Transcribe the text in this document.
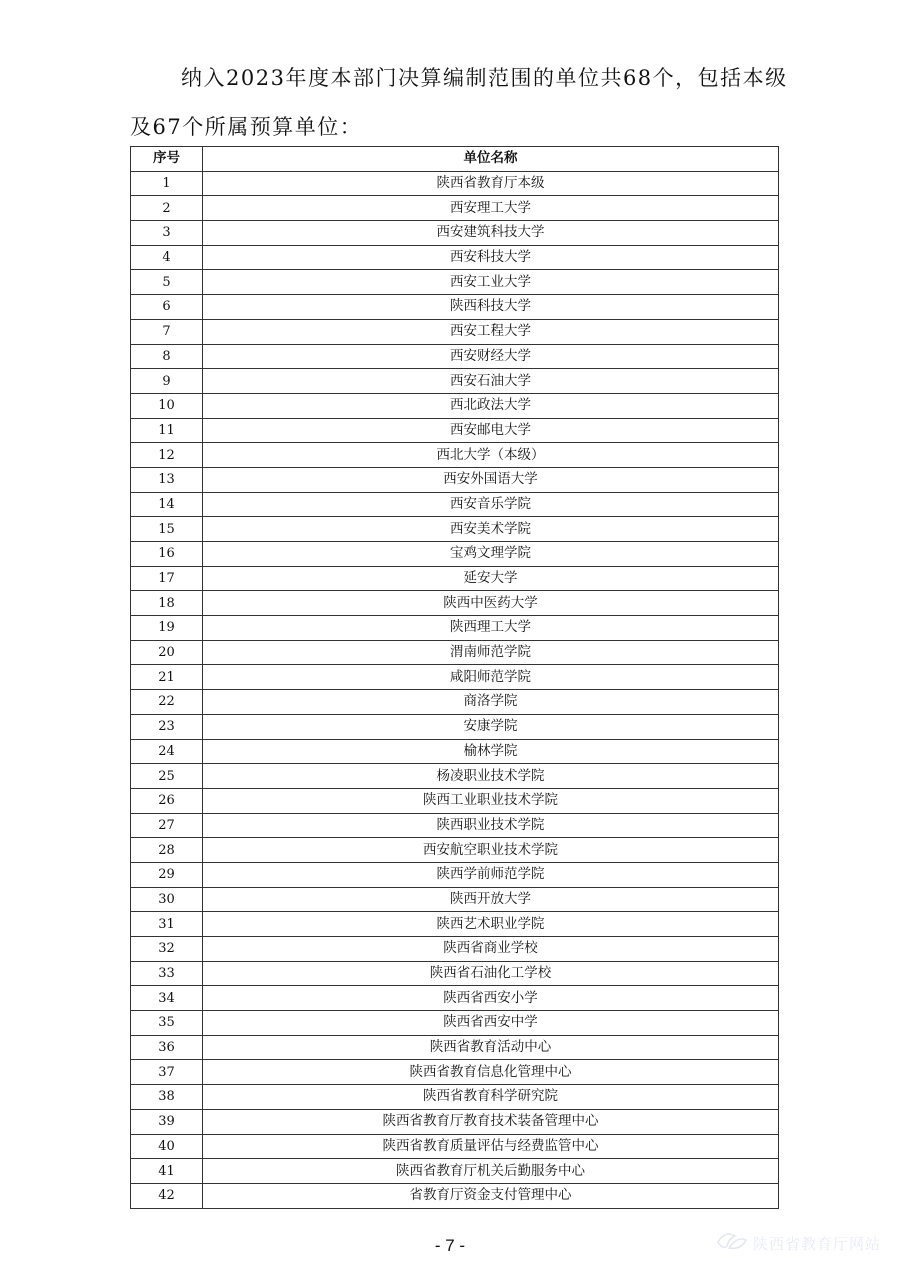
纳入2023年度本部门决算编制范围的单位共68个，包括本级
及67个所属预算单位：
序号	单位名称
1	陕西省教育厅本级
2	西安理工大学
3	西安建筑科技大学
4	西安科技大学
5	西安工业大学
6	陕西科技大学
7	西安工程大学
8	西安财经大学
9	西安石油大学
10	西北政法大学
11	西安邮电大学
12	西北大学（本级）
13	西安外国语大学
14	西安音乐学院
15	西安美术学院
16	宝鸡文理学院
17	延安大学
18	陕西中医药大学
19	陕西理工大学
20	渭南师范学院
21	咸阳师范学院
22	商洛学院
23	安康学院
24	榆林学院
25	杨凌职业技术学院
26	陕西工业职业技术学院
27	陕西职业技术学院
28	西安航空职业技术学院
29	陕西学前师范学院
30	陕西开放大学
31	陕西艺术职业学院
32	陕西省商业学校
33	陕西省石油化工学校
34	陕西省西安小学
35	陕西省西安中学
36	陕西省教育活动中心
37	陕西省教育信息化管理中心
38	陕西省教育科学研究院
39	陕西省教育厅教育技术装备管理中心
40	陕西省教育质量评估与经费监管中心
41	陕西省教育厅机关后勤服务中心
42	省教育厅资金支付管理中心
- 7 -	陕西省教育厅网站
